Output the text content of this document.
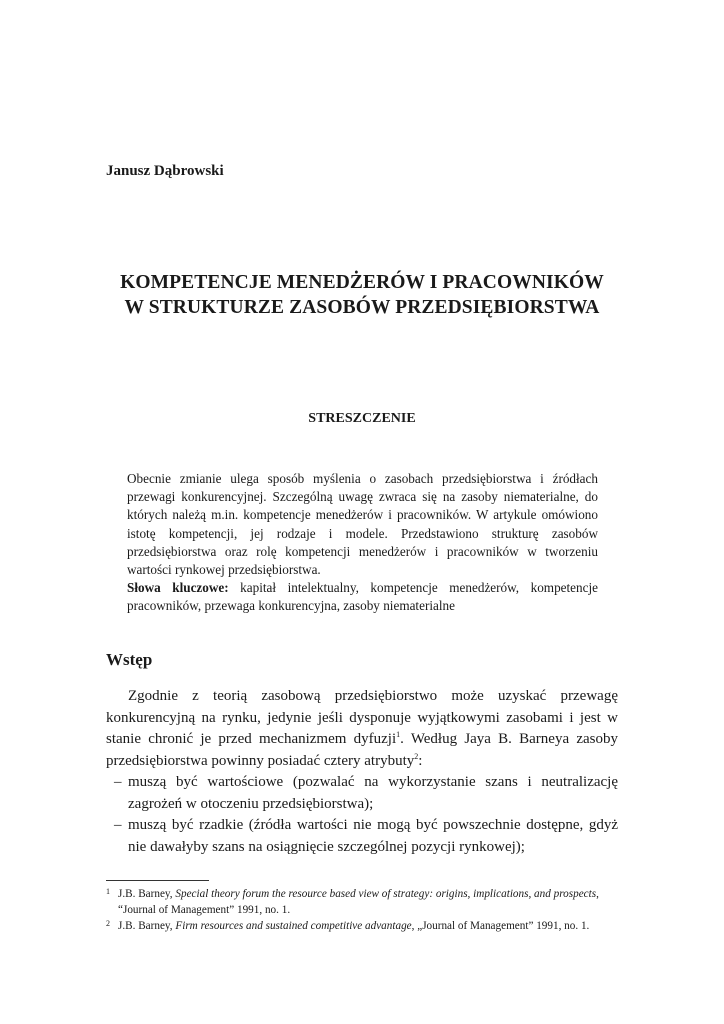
Janusz Dąbrowski
KOMPETENCJE MENEDŻERÓW I PRACOWNIKÓW
W STRUKTURZE ZASOBÓW PRZEDSIĘBIORSTWA
STRESZCZENIE

Obecnie zmianie ulega sposób myślenia o zasobach przedsiębiorstwa i źródłach przewagi konkurencyjnej. Szczególną uwagę zwraca się na zasoby niematerialne, do których należą m.in. kompetencje menedżerów i pracowników. W artykule omówiono istotę kompetencji, jej rodzaje i modele. Przedstawiono strukturę zasobów przedsiębiorstwa oraz rolę kompetencji menedżerów i pracowników w tworzeniu wartości rynkowej przedsiębiorstwa.

Słowa kluczowe: kapitał intelektualny, kompetencje menedżerów, kompetencje pracowników, przewaga konkurencyjna, zasoby niematerialne

Wstęp

Zgodnie z teorią zasobową przedsiębiorstwo może uzyskać przewagę konkurencyjną na rynku, jedynie jeśli dysponuje wyjątkowymi zasobami i jest w stanie chronić je przed mechanizmem dyfuzji$^1$. Według Jaya B. Barneya zasoby przedsiębiorstwa powinny posiadać cztery atrybuty$^2$:

– muszą być wartościowe (pozwalać na wykorzystanie szans i neutralizację zagrożeń w otoczeniu przedsiębiorstwa);
– muszą być rzadkie (źródła wartości nie mogą być powszechnie dostępne, gdyż nie dawałyby szans na osiągnięcie szczególnej pozycji rynkowej);
1 J.B. Barney, Special theory forum the resource based view of strategy: origins, implications, and prospects, “Journal of Management” 1991, no. 1.
2 J.B. Barney, Firm resources and sustained competitive advantage, „Journal of Management” 1991, no. 1.
